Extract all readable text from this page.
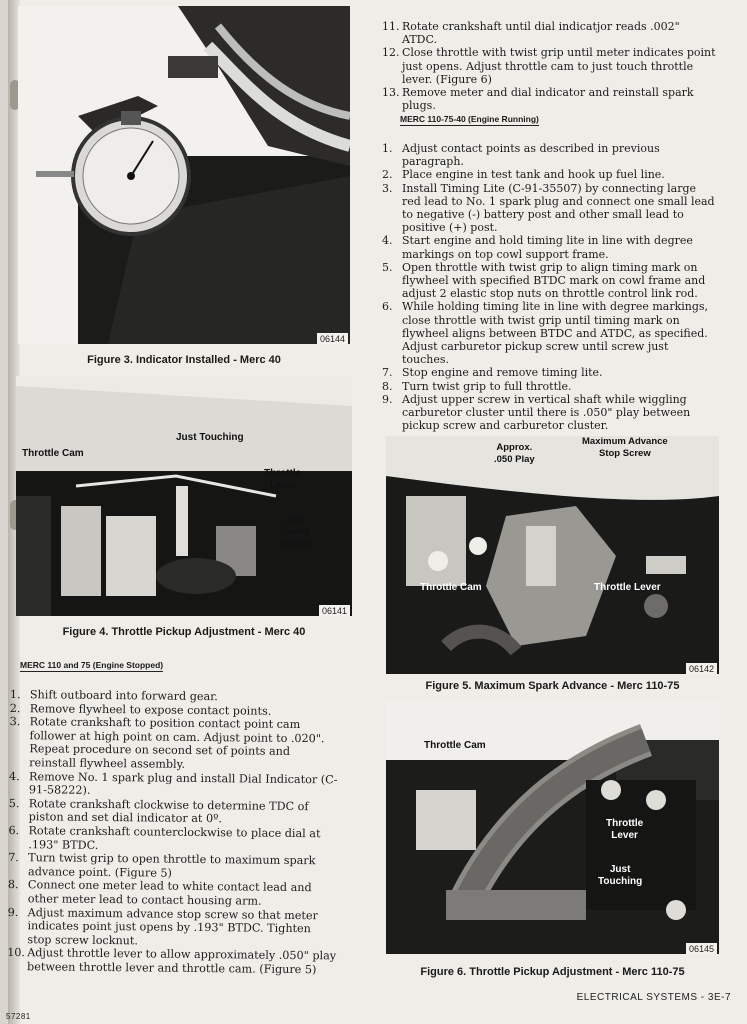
06144
Figure 3. Indicator Installed - Merc 40
Throttle Cam
Just Touching
Throttle
Lever
Idle
Speed
Screw
06141
Figure 4. Throttle Pickup Adjustment - Merc 40
MERC 110 and 75 (Engine Stopped)
1. Shift outboard into forward gear.
2. Remove flywheel to expose contact points.
3. Rotate crankshaft to position contact point cam follower at high point on cam. Adjust point to .020". Repeat procedure on second set of points and reinstall flywheel assembly.
4. Remove No. 1 spark plug and install Dial Indicator (C-91-58222).
5. Rotate crankshaft clockwise to determine TDC of piston and set dial indicator at 0º.
6. Rotate crankshaft counterclockwise to place dial at .193" BTDC.
7. Turn twist grip to open throttle to maximum spark advance point. (Figure 5)
8. Connect one meter lead to white contact lead and other meter lead to contact housing arm.
9. Adjust maximum advance stop screw so that meter indicates point just opens by .193" BTDC. Tighten stop screw locknut.
10. Adjust throttle lever to allow approximately .050" play between throttle lever and throttle cam. (Figure 5)
57281
11. Rotate crankshaft until dial indicatjor reads .002" ATDC.
12. Close throttle with twist grip until meter indicates point just opens. Adjust throttle cam to just touch throttle lever. (Figure 6)
13. Remove meter and dial indicator and reinstall spark plugs.
MERC 110-75-40 (Engine Running)
1. Adjust contact points as described in previous paragraph.
2. Place engine in test tank and hook up fuel line.
3. Install Timing Lite (C-91-35507) by connecting large red lead to No. 1 spark plug and connect one small lead to negative (-) battery post and other small lead to positive (+) post.
4. Start engine and hold timing lite in line with degree markings on top cowl support frame.
5. Open throttle with twist grip to align timing mark on flywheel with specified BTDC mark on cowl frame and adjust 2 elastic stop nuts on throttle control link rod.
6. While holding timing lite in line with degree markings, close throttle with twist grip until timing mark on flywheel aligns between BTDC and ATDC, as specified. Adjust carburetor pickup screw until screw just touches.
7. Stop engine and remove timing lite.
8. Turn twist grip to full throttle.
9. Adjust upper screw in vertical shaft while wiggling carburetor cluster until there is .050" play between pickup screw and carburetor cluster.
Approx.
.050 Play
Maximum Advance
Stop Screw
Throttle Cam	Throttle Lever
06142
Figure 5. Maximum Spark Advance - Merc 110-75
Throttle Cam
Throttle
Lever
Just
Touching
06145
Figure 6. Throttle Pickup Adjustment - Merc 110-75
ELECTRICAL SYSTEMS - 3E-7
